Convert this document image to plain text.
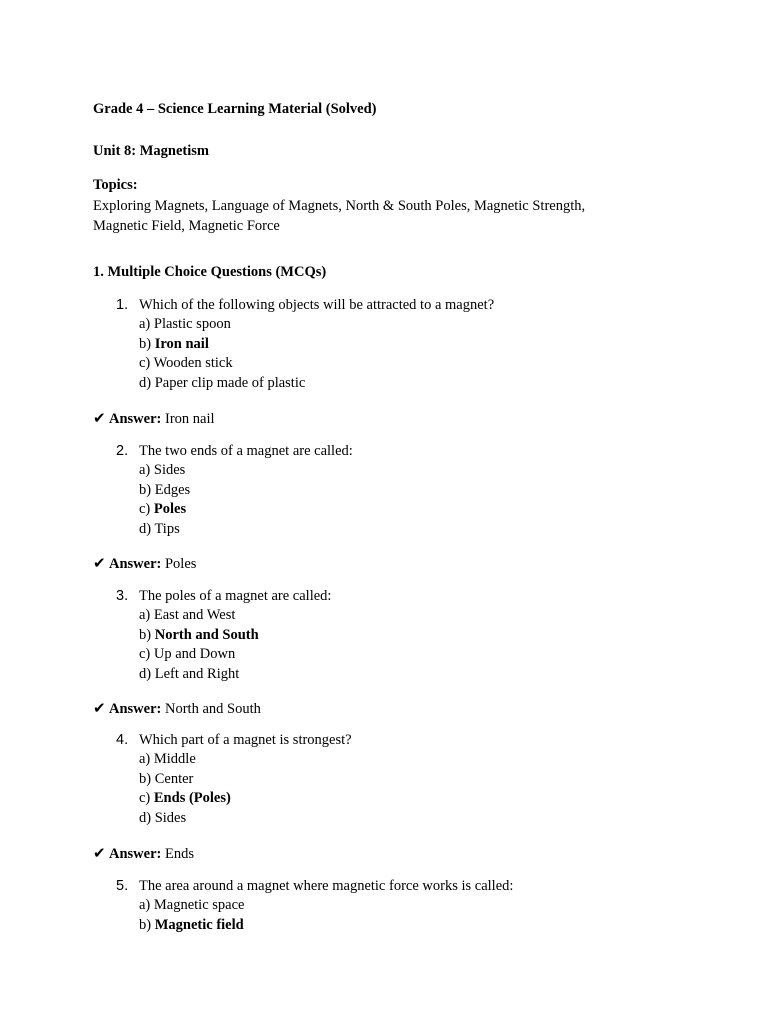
Grade 4 – Science Learning Material (Solved)
Unit 8: Magnetism
Topics:
Exploring Magnets, Language of Magnets, North & South Poles, Magnetic Strength,
Magnetic Field, Magnetic Force
1. Multiple Choice Questions (MCQs)
1. Which of the following objects will be attracted to a magnet?
a) Plastic spoon
b) Iron nail
c) Wooden stick
d) Paper clip made of plastic
✔ Answer: Iron nail
2. The two ends of a magnet are called:
a) Sides
b) Edges
c) Poles
d) Tips
✔ Answer: Poles
3. The poles of a magnet are called:
a) East and West
b) North and South
c) Up and Down
d) Left and Right
✔ Answer: North and South
4. Which part of a magnet is strongest?
a) Middle
b) Center
c) Ends (Poles)
d) Sides
✔ Answer: Ends
5. The area around a magnet where magnetic force works is called:
a) Magnetic space
b) Magnetic field
